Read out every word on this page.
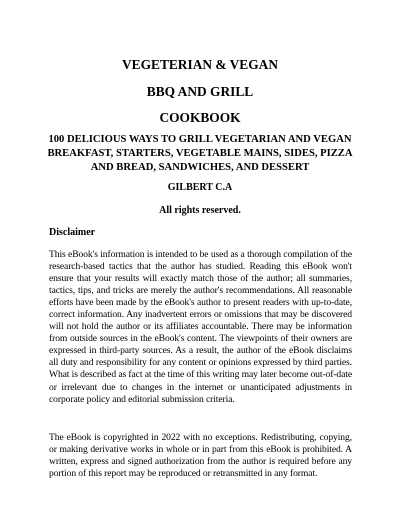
VEGETERIAN & VEGAN
BBQ AND GRILL
COOKBOOK
100 DELICIOUS WAYS TO GRILL VEGETARIAN AND VEGAN BREAKFAST, STARTERS, VEGETABLE MAINS, SIDES, PIZZA AND BREAD, SANDWICHES, AND DESSERT

GILBERT C.A

All rights reserved.

Disclaimer

This eBook's information is intended to be used as a thorough compilation of the research-based tactics that the author has studied. Reading this eBook won't ensure that your results will exactly match those of the author; all summaries, tactics, tips, and tricks are merely the author's recommendations. All reasonable efforts have been made by the eBook's author to present readers with up-to-date, correct information. Any inadvertent errors or omissions that may be discovered will not hold the author or its affiliates accountable. There may be information from outside sources in the eBook's content. The viewpoints of their owners are expressed in third-party sources. As a result, the author of the eBook disclaims all duty and responsibility for any content or opinions expressed by third parties. What is described as fact at the time of this writing may later become out-of-date or irrelevant due to changes in the internet or unanticipated adjustments in corporate policy and editorial submission criteria.

The eBook is copyrighted in 2022 with no exceptions. Redistributing, copying, or making derivative works in whole or in part from this eBook is prohibited. A written, express and signed authorization from the author is required before any portion of this report may be reproduced or retransmitted in any format.
